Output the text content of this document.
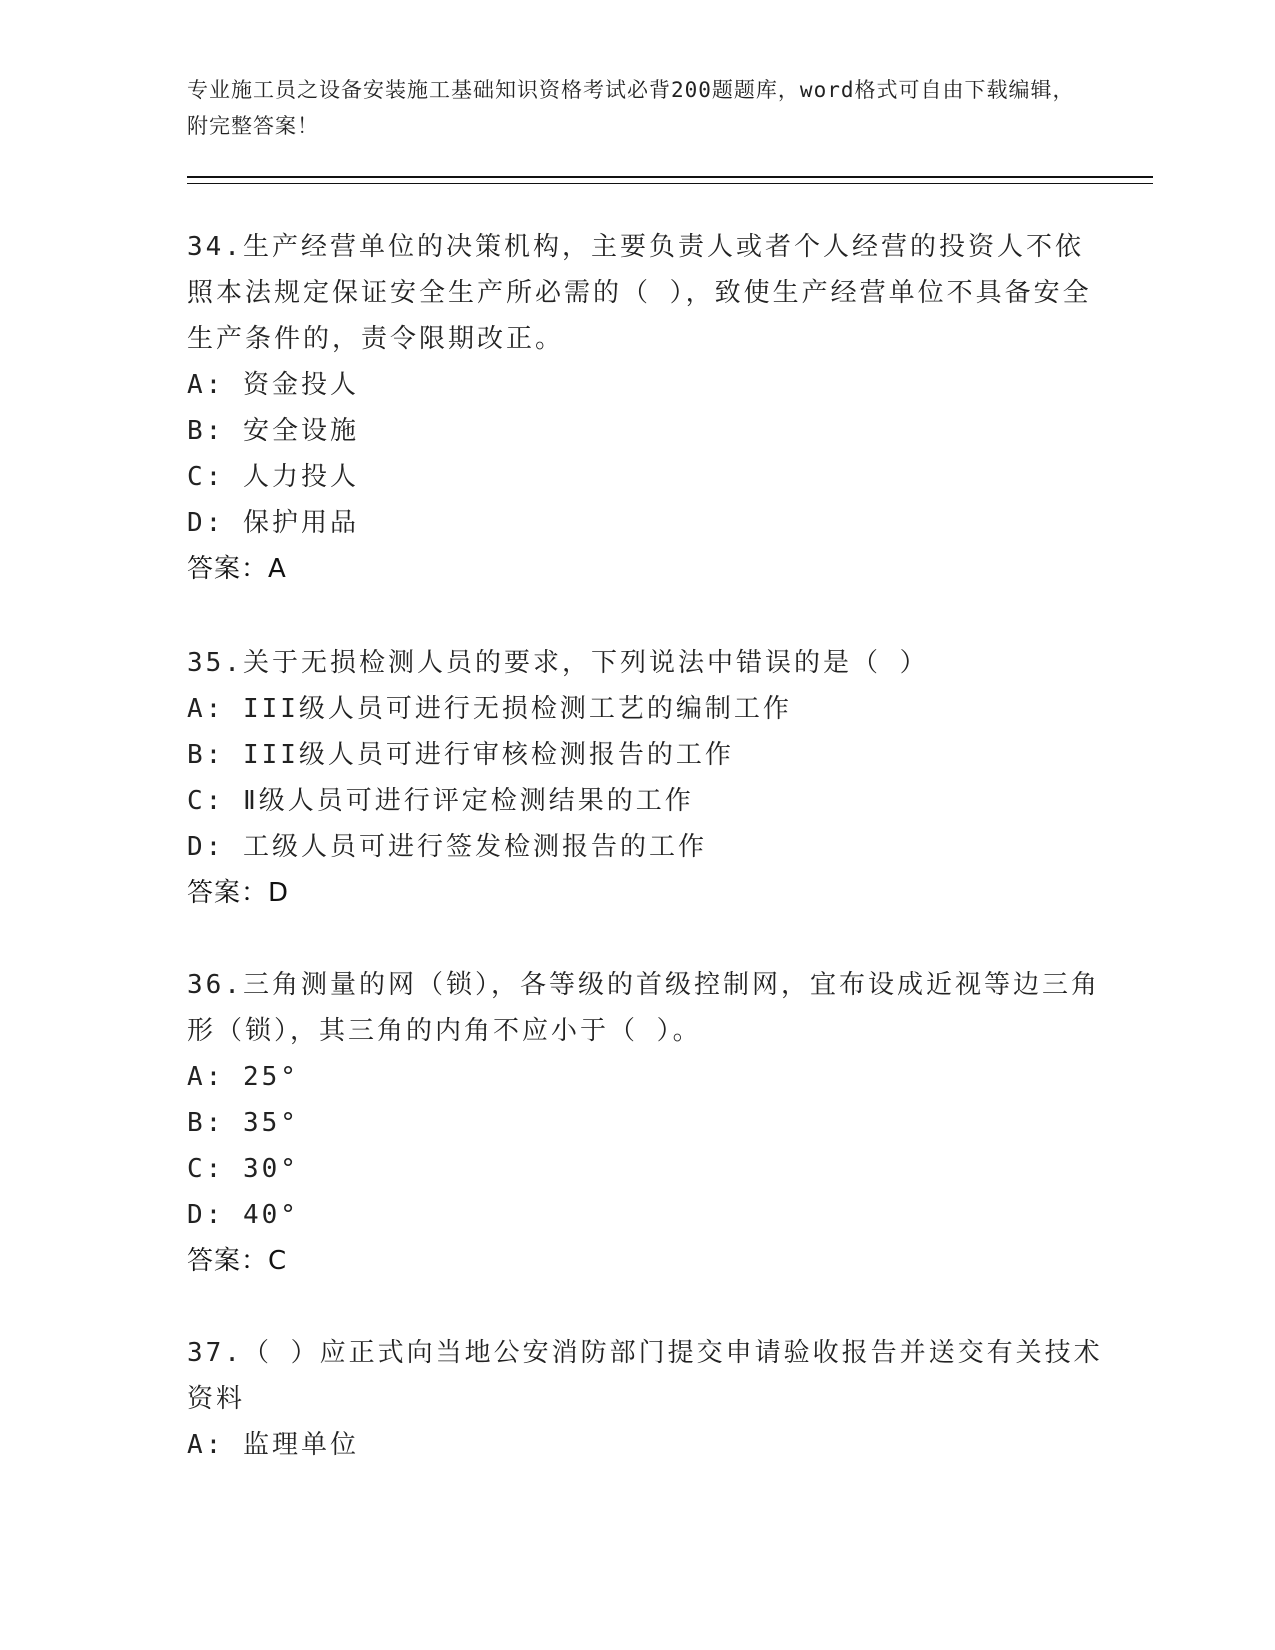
专业施工员之设备安装施工基础知识资格考试必背200题题库，word格式可自由下载编辑，附完整答案！

34.生产经营单位的决策机构，主要负责人或者个人经营的投资人不依照本法规定保证安全生产所必需的（ ），致使生产经营单位不具备安全生产条件的，责令限期改正。

A: 资金投人

B: 安全设施

C: 人力投人

D: 保护用品

答案：A

35.关于无损检测人员的要求，下列说法中错误的是（ ）

A: III级人员可进行无损检测工艺的编制工作

B: III级人员可进行审核检测报告的工作

C: Ⅱ级人员可进行评定检测结果的工作

D: 工级人员可进行签发检测报告的工作

答案：D

36.三角测量的网（锁），各等级的首级控制网，宜布设成近视等边三角形（锁），其三角的内角不应小于（ ）。

A: 25°

B: 35°

C: 30°

D: 40°

答案：C

37.（ ）应正式向当地公安消防部门提交申请验收报告并送交有关技术资料

A: 监理单位
